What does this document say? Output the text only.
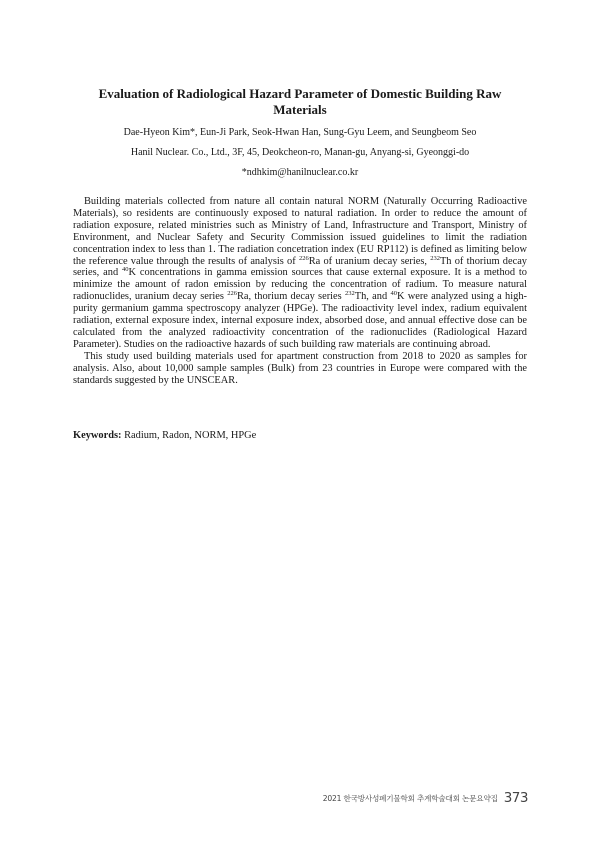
Evaluation of Radiological Hazard Parameter of Domestic Building Raw Materials
Dae-Hyeon Kim*, Eun-Ji Park, Seok-Hwan Han, Sung-Gyu Leem, and Seungbeom Seo
Hanil Nuclear. Co., Ltd., 3F, 45, Deokcheon-ro, Manan-gu, Anyang-si, Gyeonggi-do
*ndhkim@hanilnuclear.co.kr

Building materials collected from nature all contain natural NORM (Naturally Occurring Radioactive Materials), so residents are continuously exposed to natural radiation. In order to reduce the amount of radiation exposure, related ministries such as Ministry of Land, Infrastructure and Transport, Ministry of Environment, and Nuclear Safety and Security Commission issued guidelines to limit the radiation concentration index to less than 1. The radiation concetration index (EU RP112) is defined as limiting below the reference value through the results of analysis of $^{226}$Ra of uranium decay series, $^{232}$Th of thorium decay series, and $^{40}$K concentrations in gamma emission sources that cause external exposure. It is a method to minimize the amount of radon emission by reducing the concentration of radium. To measure natural radionuclides, uranium decay series $^{226}$Ra, thorium decay series $^{232}$Th, and $^{40}$K were analyzed using a high-purity germanium gamma spectroscopy analyzer (HPGe). The radioactivity level index, radium equivalent radiation, external exposure index, internal exposure index, absorbed dose, and annual effective dose can be calculated from the analyzed radioactivity concentration of the radionuclides (Radiological Hazard Parameter). Studies on the radioactive hazards of such building raw materials are continuing abroad.

This study used building materials used for apartment construction from 2018 to 2020 as samples for analysis. Also, about 10,000 sample samples (Bulk) from 23 countries in Europe were compared with the standards suggested by the UNSCEAR.

Keywords: Radium, Radon, NORM, HPGe
2021 한국방사성폐기물학회 추계학술대회 논문요약집 373
